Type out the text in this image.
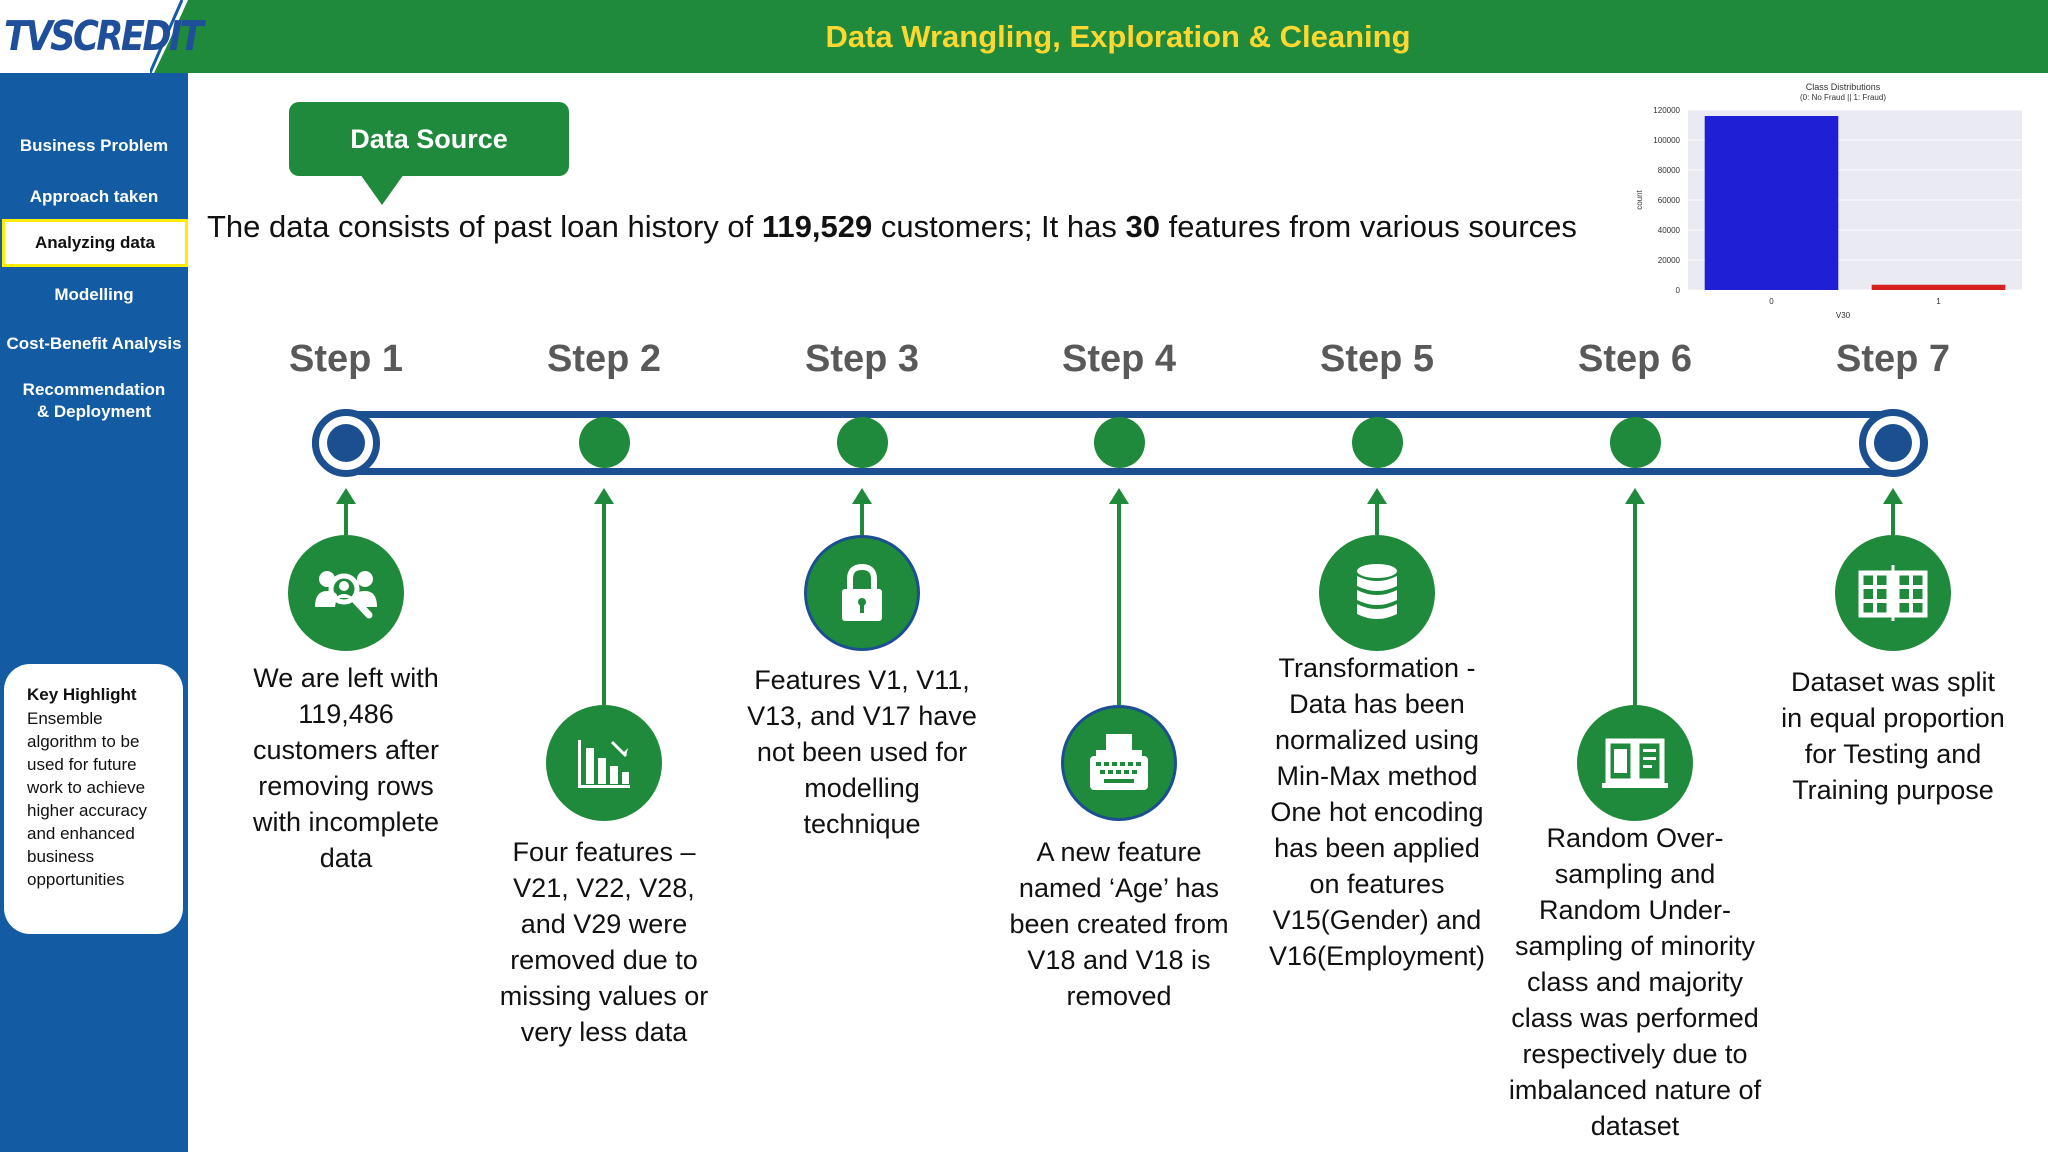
TVSCREDIT	Data Wrangling, Exploration & Cleaning
Business Problem
Approach taken
Analyzing data
Modelling
Cost-Benefit Analysis
Recommendation
& Deployment
Key Highlight
Ensemble algorithm to be used for future work to achieve higher accuracy and enhanced business opportunities
Data Source
The data consists of past loan history of 119,529 customers; It has 30 features from various sources
0
20000
40000
60000
80000
100000
120000
0	1
Class Distributions
(0: No Fraud || 1: Fraud)
V30
count
Step 1
We are left with 119,486 customers after removing rows with incomplete data
Step 2
Four features – V21, V22, V28, and V29 were removed due to missing values or very less data
Step 3
Features V1, V11, V13, and V17 have not been used for modelling technique
Step 4
A new feature named ‘Age’ has been created from V18 and V18 is removed
Step 5
Transformation - Data has been normalized using Min-Max method One hot encoding has been applied on features V15(Gender) and V16(Employment)
Step 6
Random Over-sampling and Random Under-sampling of minority class and majority class was performed respectively due to imbalanced nature of dataset
Step 7
Dataset was split in equal proportion for Testing and Training purpose
